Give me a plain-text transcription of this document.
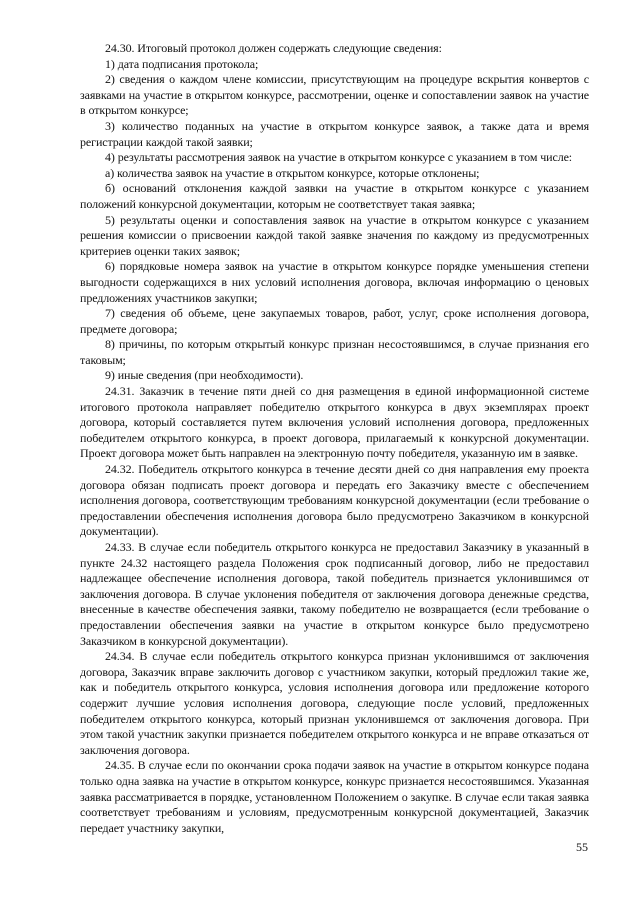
24.30. Итоговый протокол должен содержать следующие сведения:

1) дата подписания протокола;

2) сведения о каждом члене комиссии, присутствующим на процедуре вскрытия конвертов с заявками на участие в открытом конкурсе, рассмотрении, оценке и сопоставлении заявок на участие в открытом конкурсе;

3) количество поданных на участие в открытом конкурсе заявок, а также дата и время регистрации каждой такой заявки;

4) результаты рассмотрения заявок на участие в открытом конкурсе с указанием в том числе:

а) количества заявок на участие в открытом конкурсе, которые отклонены;

б) оснований отклонения каждой заявки на участие в открытом конкурсе с указанием положений конкурсной документации, которым не соответствует такая заявка;

5) результаты оценки и сопоставления заявок на участие в открытом конкурсе с указанием решения комиссии о присвоении каждой такой заявке значения по каждому из предусмотренных критериев оценки таких заявок;

6) порядковые номера заявок на участие в открытом конкурсе порядке уменьшения степени выгодности содержащихся в них условий исполнения договора, включая информацию о ценовых предложениях участников закупки;

7) сведения об объеме, цене закупаемых товаров, работ, услуг, сроке исполнения договора, предмете договора;

8) причины, по которым открытый конкурс признан несостоявшимся, в случае признания его таковым;

9) иные сведения (при необходимости).

24.31. Заказчик в течение пяти дней со дня размещения в единой информационной системе итогового протокола направляет победителю открытого конкурса в двух экземплярах проект договора, который составляется путем включения условий исполнения договора, предложенных победителем открытого конкурса, в проект договора, прилагаемый к конкурсной документации. Проект договора может быть направлен на электронную почту победителя, указанную им в заявке.

24.32. Победитель открытого конкурса в течение десяти дней со дня направления ему проекта договора обязан подписать проект договора и передать его Заказчику вместе с обеспечением исполнения договора, соответствующим требованиям конкурсной документации (если требование о предоставлении обеспечения исполнения договора было предусмотрено Заказчиком в конкурсной документации).

24.33. В случае если победитель открытого конкурса не предоставил Заказчику в указанный в пункте 24.32 настоящего раздела Положения срок подписанный договор, либо не предоставил надлежащее обеспечение исполнения договора, такой победитель признается уклонившимся от заключения договора. В случае уклонения победителя от заключения договора денежные средства, внесенные в качестве обеспечения заявки, такому победителю не возвращается (если требование о предоставлении обеспечения заявки на участие в открытом конкурсе было предусмотрено Заказчиком в конкурсной документации).

24.34. В случае если победитель открытого конкурса признан уклонившимся от заключения договора, Заказчик вправе заключить договор с участником закупки, который предложил такие же, как и победитель открытого конкурса, условия исполнения договора или предложение которого содержит лучшие условия исполнения договора, следующие после условий, предложенных победителем открытого конкурса, который признан уклонившемся от заключения договора. При этом такой участник закупки признается победителем открытого конкурса и не вправе отказаться от заключения договора.

24.35. В случае если по окончании срока подачи заявок на участие в открытом конкурсе подана только одна заявка на участие в открытом конкурсе, конкурс признается несостоявшимся. Указанная заявка рассматривается в порядке, установленном Положением о закупке. В случае если такая заявка соответствует требованиям и условиям, предусмотренным конкурсной документацией, Заказчик передает участнику закупки,

55
